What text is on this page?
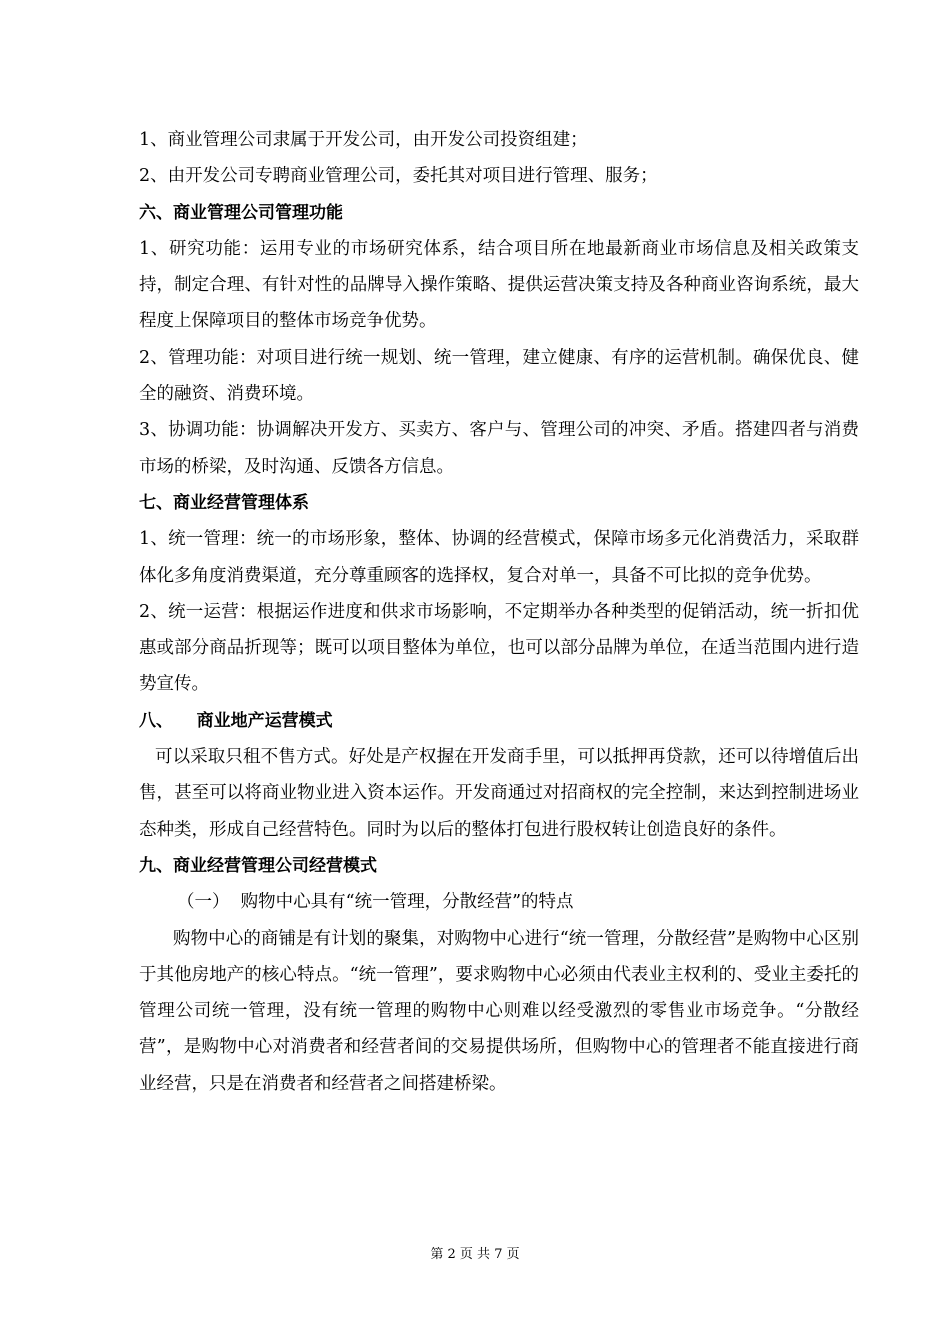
1、商业管理公司隶属于开发公司，由开发公司投资组建；

2、由开发公司专聘商业管理公司，委托其对项目进行管理、服务；

六、商业管理公司管理功能

1、研究功能：运用专业的市场研究体系，结合项目所在地最新商业市场信息及相关政策支持，制定合理、有针对性的品牌导入操作策略、提供运营决策支持及各种商业咨询系统，最大程度上保障项目的整体市场竞争优势。

2、管理功能：对项目进行统一规划、统一管理，建立健康、有序的运营机制。确保优良、健全的融资、消费环境。

3、协调功能：协调解决开发方、买卖方、客户与、管理公司的冲突、矛盾。搭建四者与消费市场的桥梁，及时沟通、反馈各方信息。

七、商业经营管理体系

1、统一管理：统一的市场形象，整体、协调的经营模式，保障市场多元化消费活力，采取群体化多角度消费渠道，充分尊重顾客的选择权，复合对单一，具备不可比拟的竞争优势。

2、统一运营：根据运作进度和供求市场影响，不定期举办各种类型的促销活动，统一折扣优惠或部分商品折现等；既可以项目整体为单位，也可以部分品牌为单位，在适当范围内进行造势宣传。

八、    商业地产运营模式

可以采取只租不售方式。好处是产权握在开发商手里，可以抵押再贷款，还可以待增值后出售，甚至可以将商业物业进入资本运作。开发商通过对招商权的完全控制，来达到控制进场业态种类，形成自己经营特色。同时为以后的整体打包进行股权转让创造良好的条件。

九、商业经营管理公司经营模式

（一）  购物中心具有“统一管理，分散经营”的特点

购物中心的商铺是有计划的聚集，对购物中心进行“统一管理，分散经营”是购物中心区别于其他房地产的核心特点。“统一管理”，要求购物中心必须由代表业主权利的、受业主委托的管理公司统一管理，没有统一管理的购物中心则难以经受激烈的零售业市场竞争。“分散经营”，是购物中心对消费者和经营者间的交易提供场所，但购物中心的管理者不能直接进行商业经营，只是在消费者和经营者之间搭建桥梁。

第 2 页 共 7 页
